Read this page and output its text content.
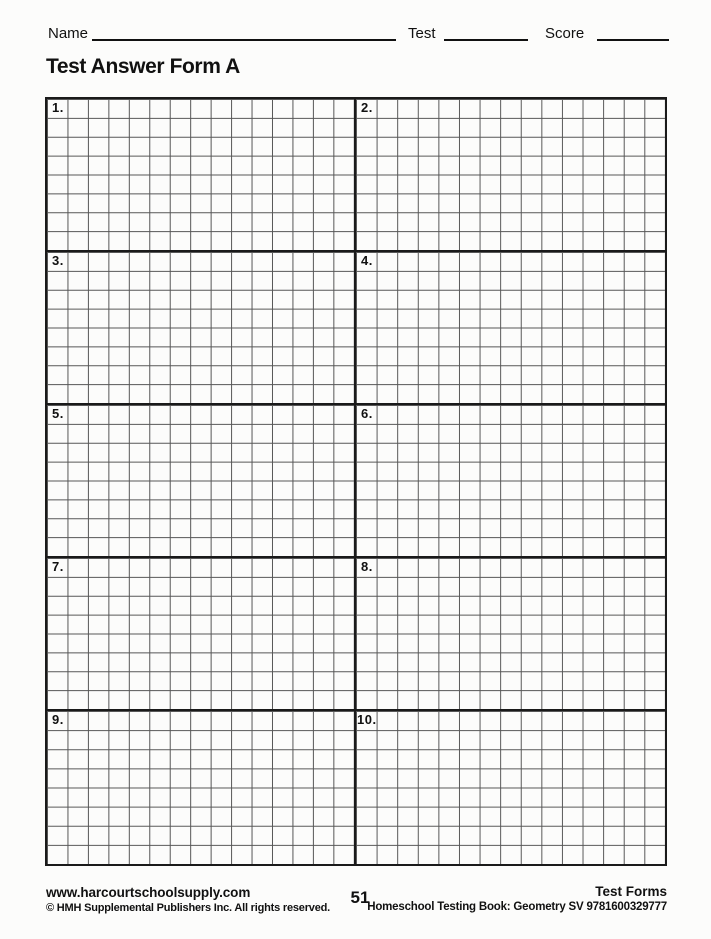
Name	Test	Score
Test Answer Form A
1.	2.
3.	4.
5.	6.
7.	8.
9.	10.
www.harcourtschoolsupply.com
© HMH Supplemental Publishers Inc. All rights reserved.
51	Test Forms
Homeschool Testing Book: Geometry SV 9781600329777
